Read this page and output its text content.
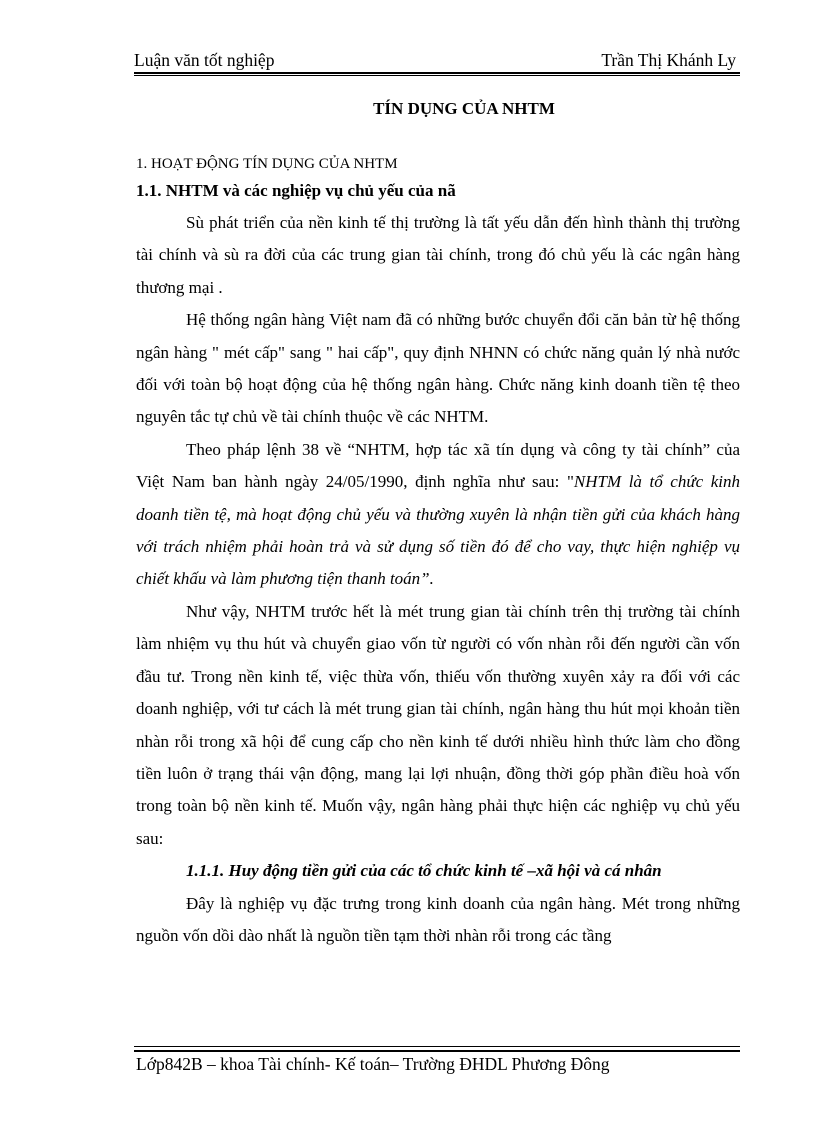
Luận văn tốt nghiệp	Trần Thị Khánh Ly
TÍN DỤNG CỦA NHTM
1. HOẠT ĐỘNG TÍN DỤNG CỦA NHTM
1.1. NHTM và các nghiệp vụ chủ yếu của nã

Sù phát triển của nền kinh tế thị trường là tất yếu dẫn đến hình thành thị trường tài chính và sù ra đời của các trung gian tài chính, trong đó chủ yếu là các ngân hàng thương mại .

Hệ thống ngân hàng Việt nam đã có những bước chuyển đổi căn bản từ hệ thống ngân hàng " mét cấp" sang " hai cấp", quy định NHNN có chức năng quản lý nhà nước đối với toàn bộ hoạt động của hệ thống ngân hàng. Chức năng kinh doanh tiền tệ theo nguyên tắc tự chủ về tài chính thuộc về các NHTM.

Theo pháp lệnh 38 về “NHTM, hợp tác xã tín dụng và công ty tài chính” của Việt Nam ban hành ngày 24/05/1990, định nghĩa như sau: "NHTM là tổ chức kinh doanh tiền tệ, mà hoạt động chủ yếu và thường xuyên là nhận tiền gửi của khách hàng với trách nhiệm phải hoàn trả và sử dụng số tiền đó để cho vay, thực hiện nghiệp vụ chiết khấu và làm phương tiện thanh toán”.

Như vậy, NHTM trước hết là mét trung gian tài chính trên thị trường tài chính làm nhiệm vụ thu hút và chuyển giao vốn từ người có vốn nhàn rỗi đến người cần vốn đầu tư. Trong nền kinh tế, việc thừa vốn, thiếu vốn thường xuyên xảy ra đối với các doanh nghiệp, với tư cách là mét trung gian tài chính, ngân hàng thu hút mọi khoản tiền nhàn rỗi trong xã hội để cung cấp cho nền kinh tế dưới nhiều hình thức làm cho đồng tiền luôn ở trạng thái vận động, mang lại lợi nhuận, đồng thời góp phần điều hoà vốn trong toàn bộ nền kinh tế. Muốn vậy, ngân hàng phải thực hiện các nghiệp vụ chủ yếu sau:

1.1.1. Huy động tiền gửi của các tổ chức kinh tế –xã hội và cá nhân

Đây là nghiệp vụ đặc trưng trong kinh doanh của ngân hàng. Mét trong những nguồn vốn dồi dào nhất là nguồn tiền tạm thời nhàn rỗi trong các tầng

Lớp842B – khoa Tài chính- Kế toán– Trường ĐHDL Phương Đông
